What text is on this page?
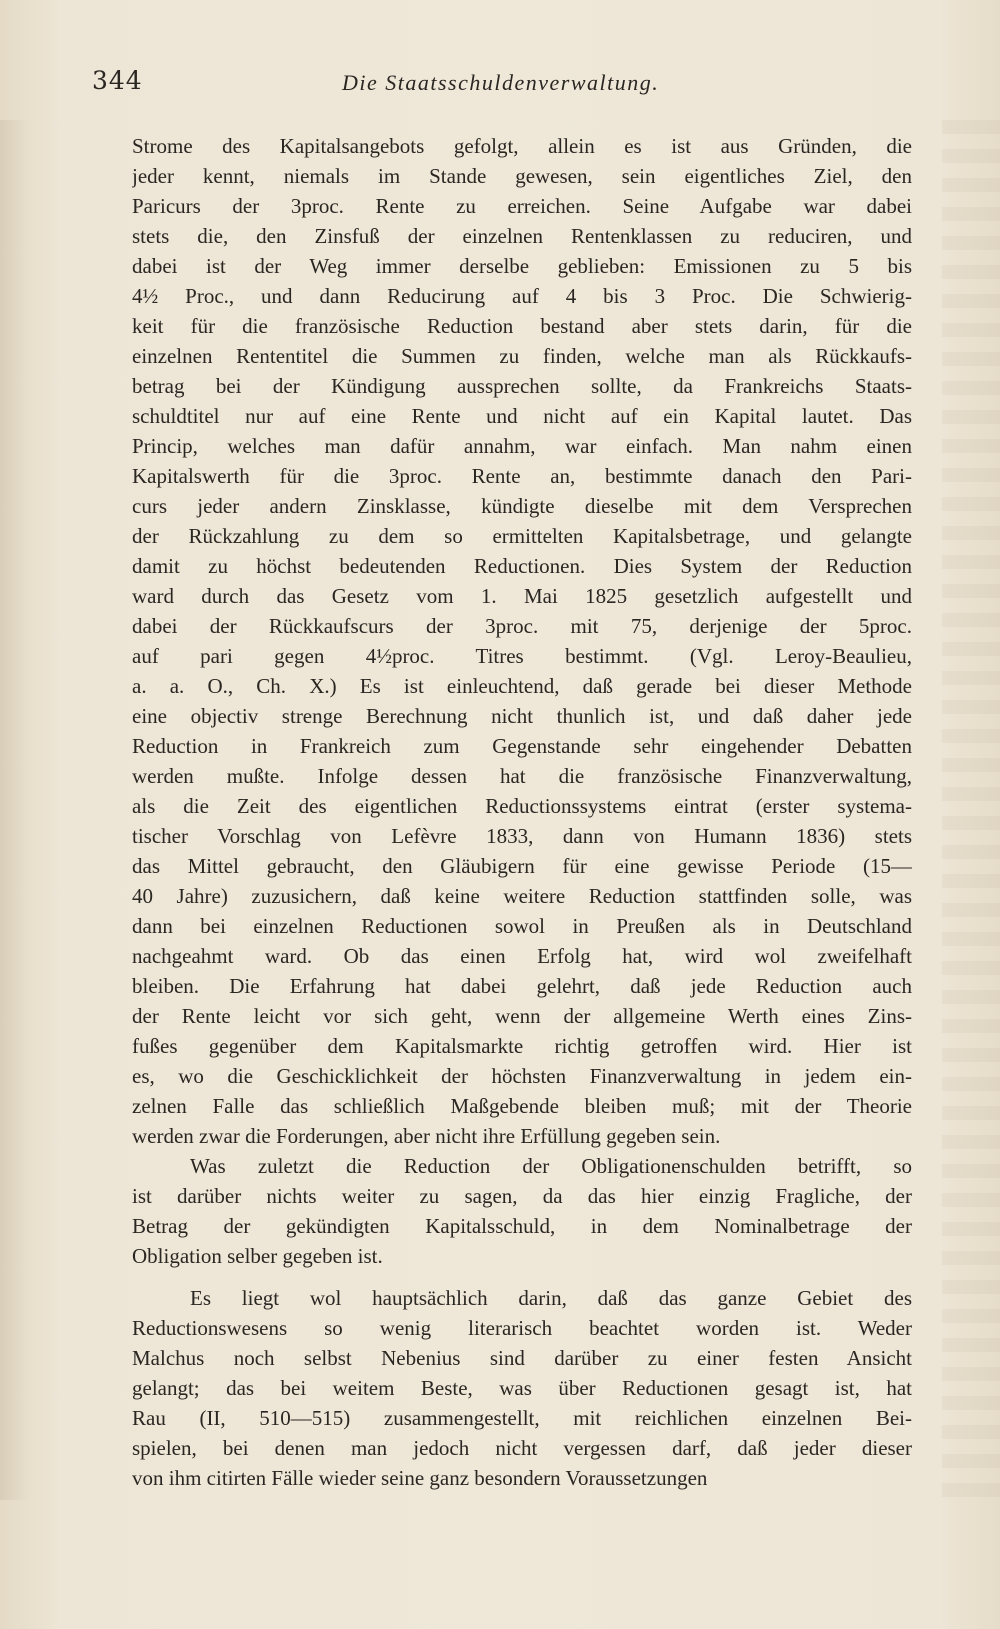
344	Die Staatsschuldenverwaltung.
Strome des Kapitalsangebots gefolgt, allein es ist aus Gründen, die
jeder kennt, niemals im Stande gewesen, sein eigentliches Ziel, den
Paricurs der 3proc. Rente zu erreichen. Seine Aufgabe war dabei
stets die, den Zinsfuß der einzelnen Rentenklassen zu reduciren, und
dabei ist der Weg immer derselbe geblieben: Emissionen zu 5 bis
4½ Proc., und dann Reducirung auf 4 bis 3 Proc. Die Schwierig-
keit für die französische Reduction bestand aber stets darin, für die
einzelnen Rententitel die Summen zu finden, welche man als Rückkaufs-
betrag bei der Kündigung aussprechen sollte, da Frankreichs Staats-
schuldtitel nur auf eine Rente und nicht auf ein Kapital lautet. Das
Princip, welches man dafür annahm, war einfach. Man nahm einen
Kapitalswerth für die 3proc. Rente an, bestimmte danach den Pari-
curs jeder andern Zinsklasse, kündigte dieselbe mit dem Versprechen
der Rückzahlung zu dem so ermittelten Kapitalsbetrage, und gelangte
damit zu höchst bedeutenden Reductionen. Dies System der Reduction
ward durch das Gesetz vom 1. Mai 1825 gesetzlich aufgestellt und
dabei der Rückkaufscurs der 3proc. mit 75, derjenige der 5proc.
auf pari gegen 4½proc. Titres bestimmt. (Vgl. Leroy-Beaulieu,
a. a. O., Ch. X.) Es ist einleuchtend, daß gerade bei dieser Methode
eine objectiv strenge Berechnung nicht thunlich ist, und daß daher jede
Reduction in Frankreich zum Gegenstande sehr eingehender Debatten
werden mußte. Infolge dessen hat die französische Finanzverwaltung,
als die Zeit des eigentlichen Reductionssystems eintrat (erster systema-
tischer Vorschlag von Lefèvre 1833, dann von Humann 1836) stets
das Mittel gebraucht, den Gläubigern für eine gewisse Periode (15—
40 Jahre) zuzusichern, daß keine weitere Reduction stattfinden solle, was
dann bei einzelnen Reductionen sowol in Preußen als in Deutschland
nachgeahmt ward. Ob das einen Erfolg hat, wird wol zweifelhaft
bleiben. Die Erfahrung hat dabei gelehrt, daß jede Reduction auch
der Rente leicht vor sich geht, wenn der allgemeine Werth eines Zins-
fußes gegenüber dem Kapitalsmarkte richtig getroffen wird. Hier ist
es, wo die Geschicklichkeit der höchsten Finanzverwaltung in jedem ein-
zelnen Falle das schließlich Maßgebende bleiben muß; mit der Theorie
werden zwar die Forderungen, aber nicht ihre Erfüllung gegeben sein.
Was zuletzt die Reduction der Obligationenschulden betrifft, so
ist darüber nichts weiter zu sagen, da das hier einzig Fragliche, der
Betrag der gekündigten Kapitalsschuld, in dem Nominalbetrage der
Obligation selber gegeben ist.
Es liegt wol hauptsächlich darin, daß das ganze Gebiet des
Reductionswesens so wenig literarisch beachtet worden ist. Weder
Malchus noch selbst Nebenius sind darüber zu einer festen Ansicht
gelangt; das bei weitem Beste, was über Reductionen gesagt ist, hat
Rau (II, 510—515) zusammengestellt, mit reichlichen einzelnen Bei-
spielen, bei denen man jedoch nicht vergessen darf, daß jeder dieser
von ihm citirten Fälle wieder seine ganz besondern Voraussetzungen
